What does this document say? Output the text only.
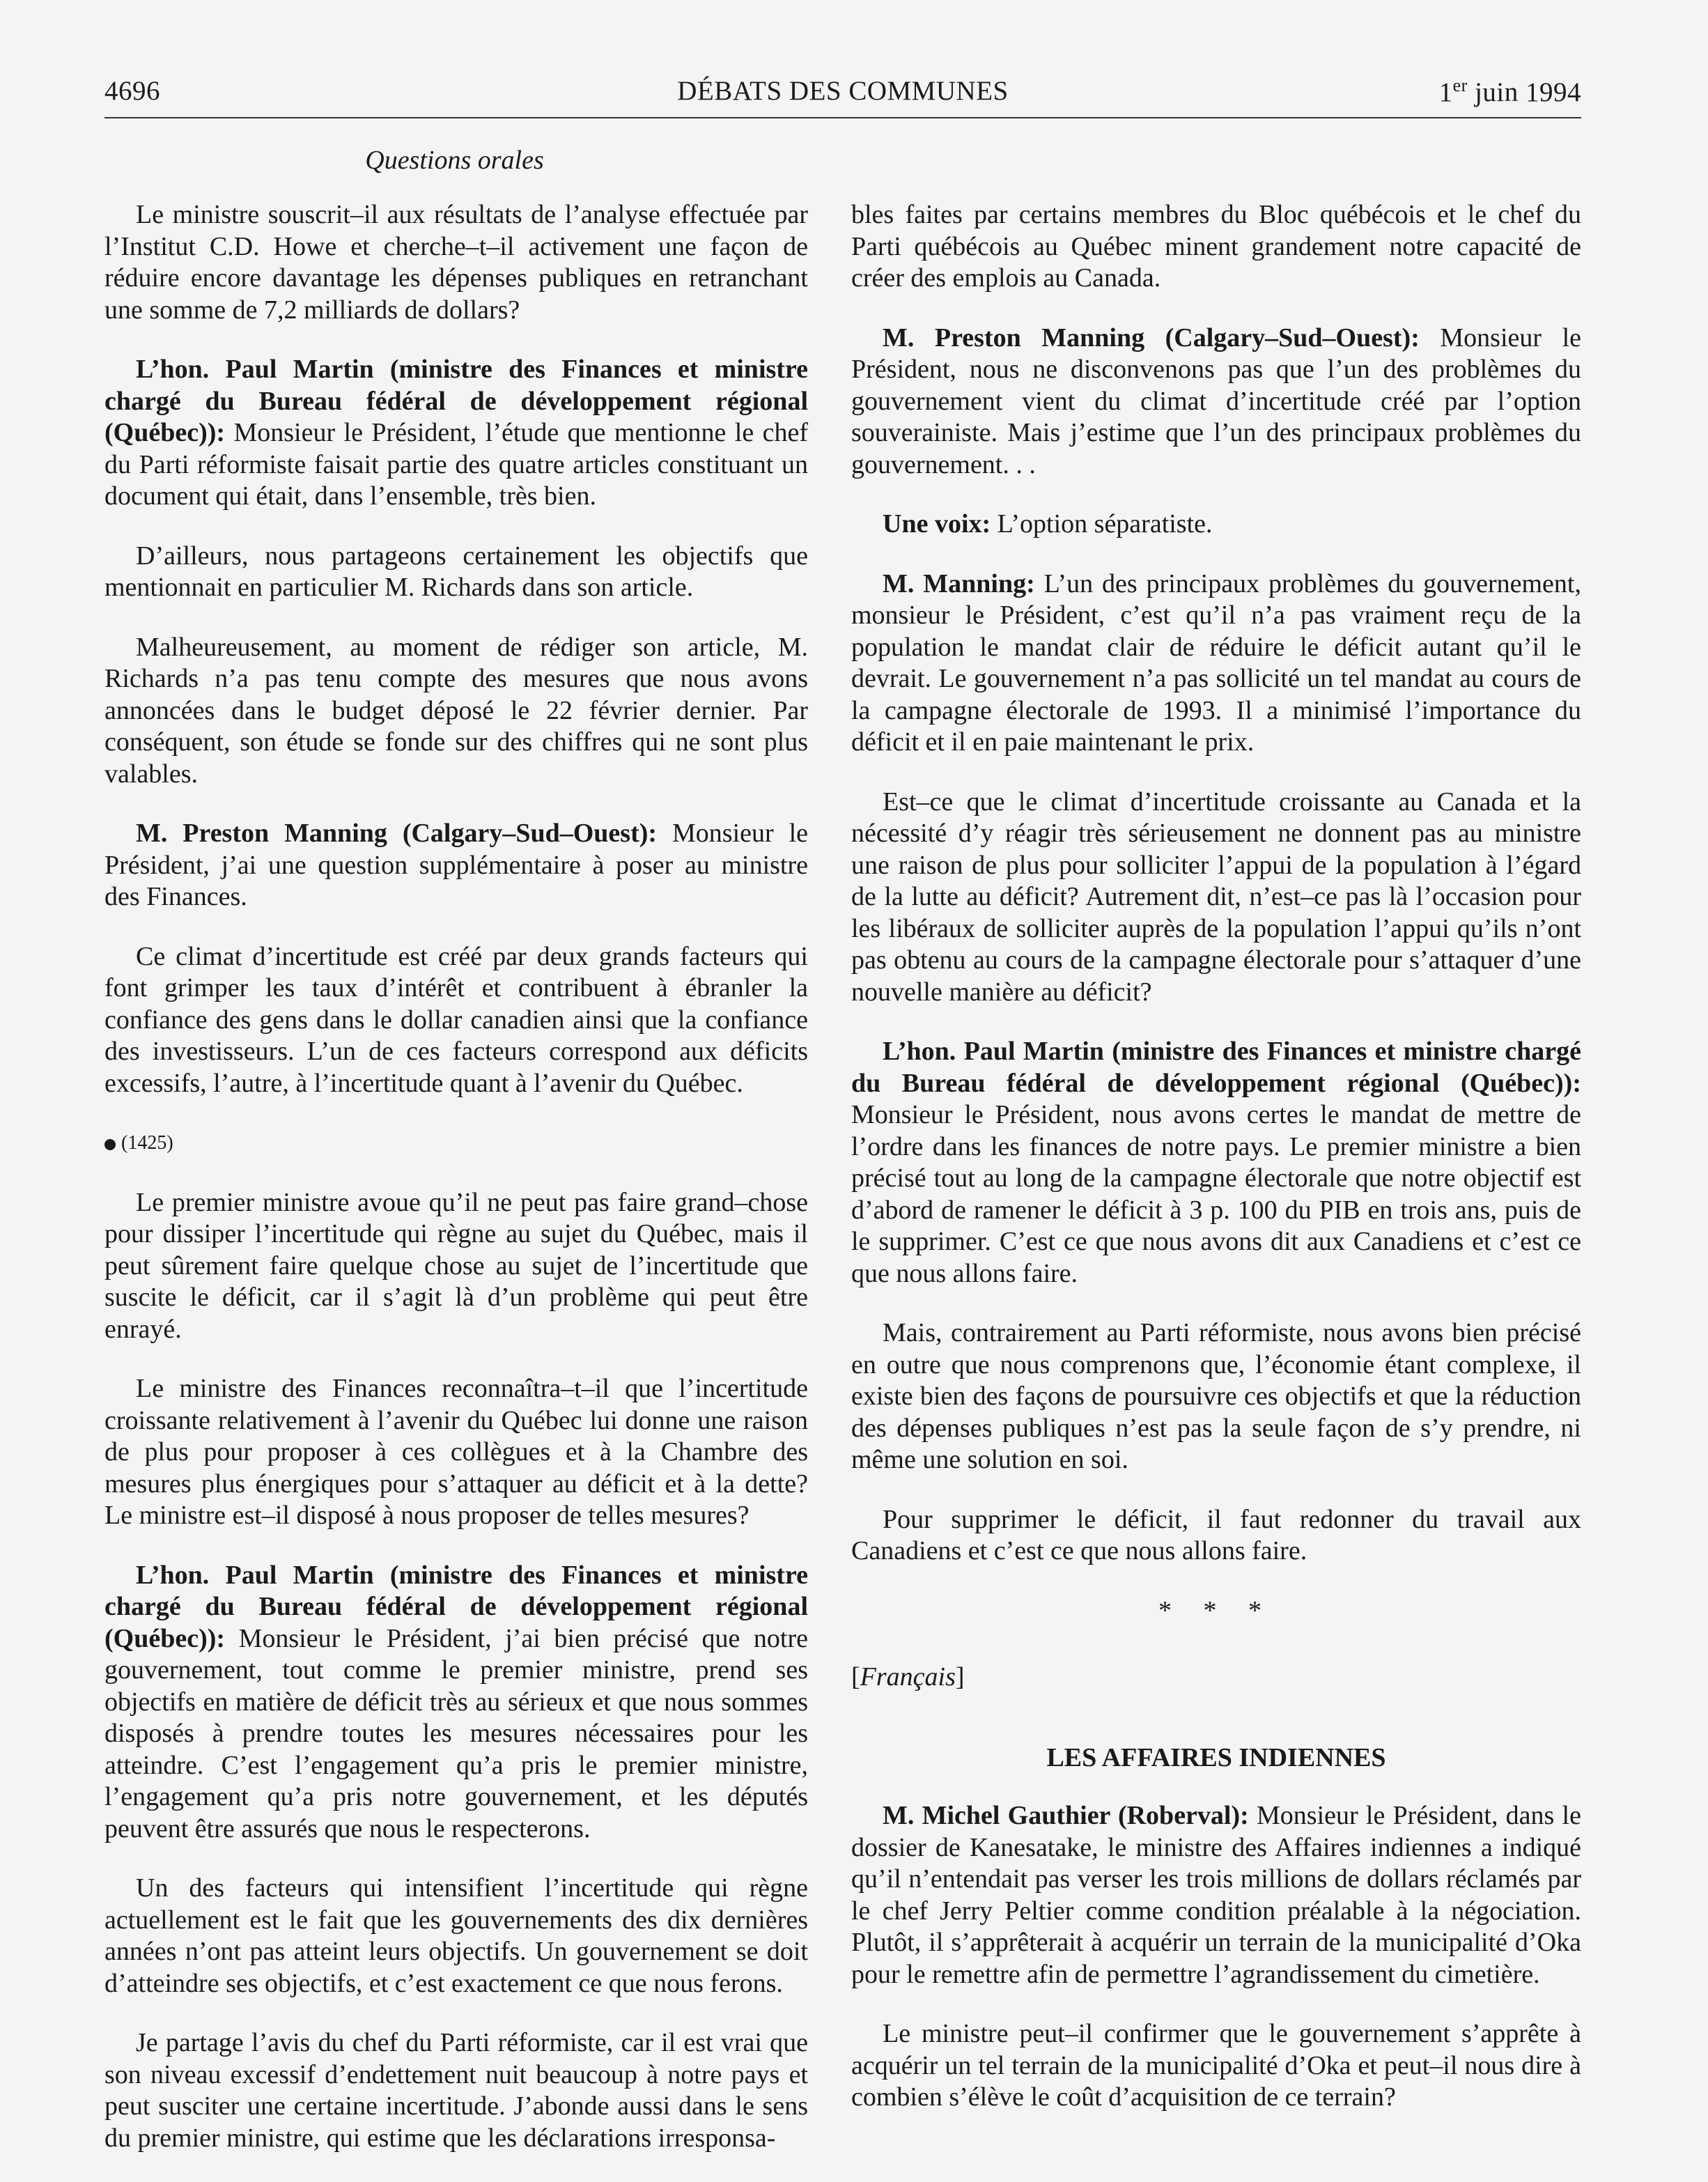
4696	DÉBATS DES COMMUNES	1er juin 1994
Questions orales

Le ministre souscrit–il aux résultats de l’analyse effectuée par l’Institut C.D. Howe et cherche–t–il activement une façon de réduire encore davantage les dépenses publiques en retranchant une somme de 7,2 milliards de dollars?

L’hon. Paul Martin (ministre des Finances et ministre chargé du Bureau fédéral de développement régional (Québec)): Monsieur le Président, l’étude que mentionne le chef du Parti réformiste faisait partie des quatre articles constituant un document qui était, dans l’ensemble, très bien.

D’ailleurs, nous partageons certainement les objectifs que mentionnait en particulier M. Richards dans son article.

Malheureusement, au moment de rédiger son article, M. Richards n’a pas tenu compte des mesures que nous avons annoncées dans le budget déposé le 22 février dernier. Par conséquent, son étude se fonde sur des chiffres qui ne sont plus valables.

M. Preston Manning (Calgary–Sud–Ouest): Monsieur le Président, j’ai une question supplémentaire à poser au ministre des Finances.

Ce climat d’incertitude est créé par deux grands facteurs qui font grimper les taux d’intérêt et contribuent à ébranler la confiance des gens dans le dollar canadien ainsi que la confiance des investisseurs. L’un de ces facteurs correspond aux déficits excessifs, l’autre, à l’incertitude quant à l’avenir du Québec.

(1425)

Le premier ministre avoue qu’il ne peut pas faire grand–chose pour dissiper l’incertitude qui règne au sujet du Québec, mais il peut sûrement faire quelque chose au sujet de l’incertitude que suscite le déficit, car il s’agit là d’un problème qui peut être enrayé.

Le ministre des Finances reconnaîtra–t–il que l’incertitude croissante relativement à l’avenir du Québec lui donne une raison de plus pour proposer à ces collègues et à la Chambre des mesures plus énergiques pour s’attaquer au déficit et à la dette? Le ministre est–il disposé à nous proposer de telles mesures?

L’hon. Paul Martin (ministre des Finances et ministre chargé du Bureau fédéral de développement régional (Québec)): Monsieur le Président, j’ai bien précisé que notre gouvernement, tout comme le premier ministre, prend ses objectifs en matière de déficit très au sérieux et que nous sommes disposés à prendre toutes les mesures nécessaires pour les atteindre. C’est l’engagement qu’a pris le premier ministre, l’engagement qu’a pris notre gouvernement, et les députés peuvent être assurés que nous le respecterons.

Un des facteurs qui intensifient l’incertitude qui règne actuellement est le fait que les gouvernements des dix dernières années n’ont pas atteint leurs objectifs. Un gouvernement se doit d’atteindre ses objectifs, et c’est exactement ce que nous ferons.

Je partage l’avis du chef du Parti réformiste, car il est vrai que son niveau excessif d’endettement nuit beaucoup à notre pays et peut susciter une certaine incertitude. J’abonde aussi dans le sens du premier ministre, qui estime que les déclarations irresponsa-

bles faites par certains membres du Bloc québécois et le chef du Parti québécois au Québec minent grandement notre capacité de créer des emplois au Canada.

M. Preston Manning (Calgary–Sud–Ouest): Monsieur le Président, nous ne disconvenons pas que l’un des problèmes du gouvernement vient du climat d’incertitude créé par l’option souverainiste. Mais j’estime que l’un des principaux problèmes du gouvernement. . .

Une voix: L’option séparatiste.

M. Manning: L’un des principaux problèmes du gouvernement, monsieur le Président, c’est qu’il n’a pas vraiment reçu de la population le mandat clair de réduire le déficit autant qu’il le devrait. Le gouvernement n’a pas sollicité un tel mandat au cours de la campagne électorale de 1993. Il a minimisé l’importance du déficit et il en paie maintenant le prix.

Est–ce que le climat d’incertitude croissante au Canada et la nécessité d’y réagir très sérieusement ne donnent pas au ministre une raison de plus pour solliciter l’appui de la population à l’égard de la lutte au déficit? Autrement dit, n’est–ce pas là l’occasion pour les libéraux de solliciter auprès de la population l’appui qu’ils n’ont pas obtenu au cours de la campagne électorale pour s’attaquer d’une nouvelle manière au déficit?

L’hon. Paul Martin (ministre des Finances et ministre chargé du Bureau fédéral de développement régional (Québec)): Monsieur le Président, nous avons certes le mandat de mettre de l’ordre dans les finances de notre pays. Le premier ministre a bien précisé tout au long de la campagne électorale que notre objectif est d’abord de ramener le déficit à 3 p. 100 du PIB en trois ans, puis de le supprimer. C’est ce que nous avons dit aux Canadiens et c’est ce que nous allons faire.

Mais, contrairement au Parti réformiste, nous avons bien précisé en outre que nous comprenons que, l’économie étant complexe, il existe bien des façons de poursuivre ces objectifs et que la réduction des dépenses publiques n’est pas la seule façon de s’y prendre, ni même une solution en soi.

Pour supprimer le déficit, il faut redonner du travail aux Canadiens et c’est ce que nous allons faire.

* * *

[Français]

LES AFFAIRES INDIENNES

M. Michel Gauthier (Roberval): Monsieur le Président, dans le dossier de Kanesatake, le ministre des Affaires indiennes a indiqué qu’il n’entendait pas verser les trois millions de dollars réclamés par le chef Jerry Peltier comme condition préalable à la négociation. Plutôt, il s’apprêterait à acquérir un terrain de la municipalité d’Oka pour le remettre afin de permettre l’agrandissement du cimetière.

Le ministre peut–il confirmer que le gouvernement s’apprête à acquérir un tel terrain de la municipalité d’Oka et peut–il nous dire à combien s’élève le coût d’acquisition de ce terrain?
